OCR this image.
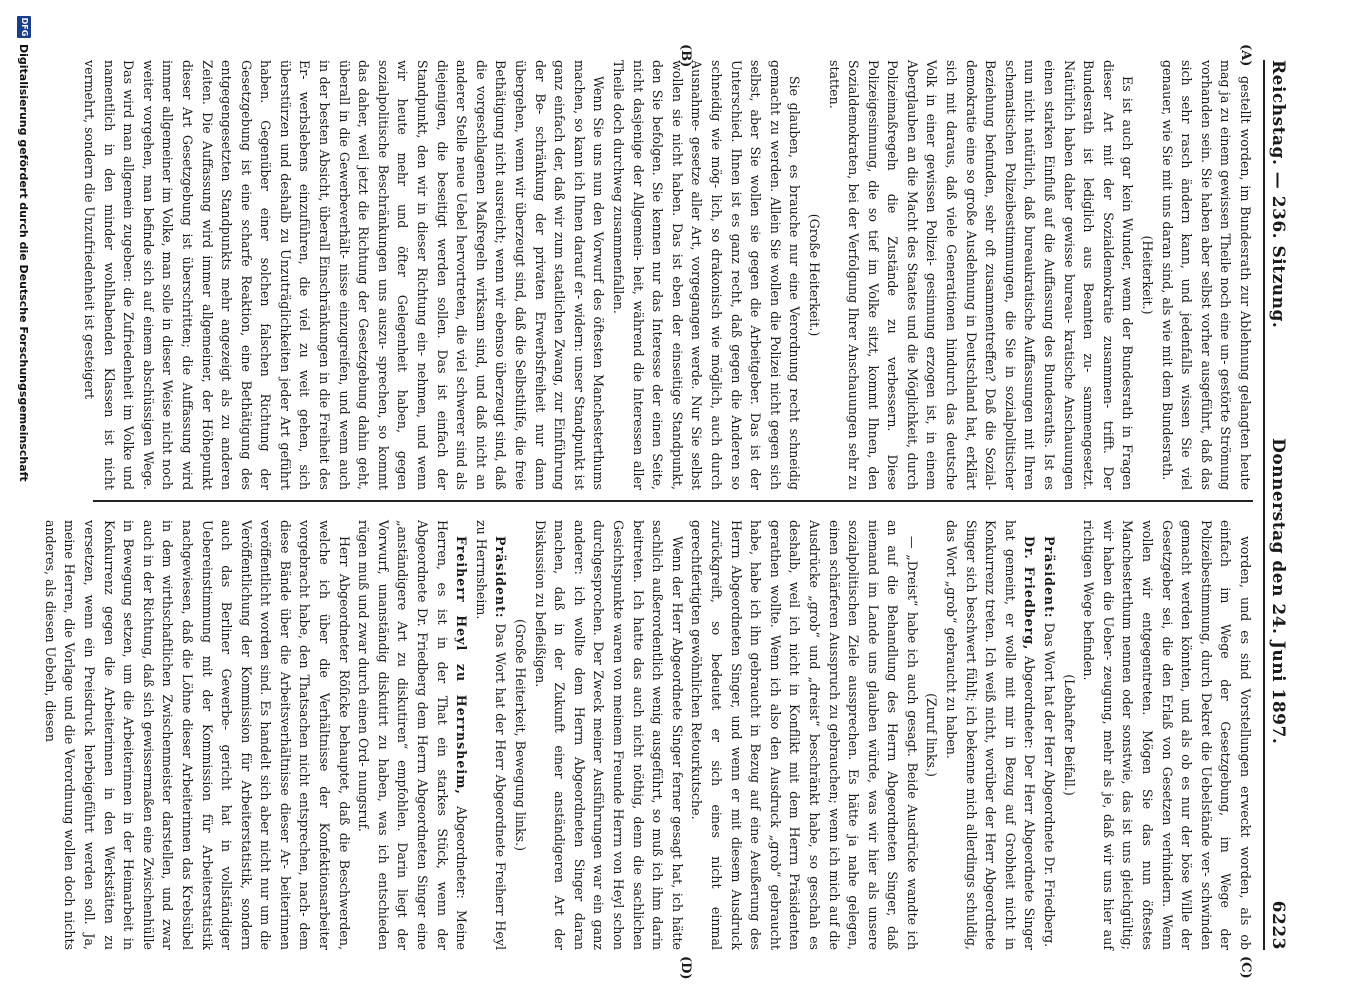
Reichstag. — 236. Sitzung.
Donnerstag den 24. Juni 1897. 6223
(A)
(B)
(C)
(D)

gestellt worden, im Bundesrath zur Ablehnung gelangten heute mag ja zu einem gewissen Theile noch eine un- gestörte Strömung vorhanden sein. Sie haben aber selbst vorher ausgeführt, daß das sich sehr rasch ändern kann, und jedenfalls wissen Sie viel genauer, wie Sie mit uns daran sind, als wie mit dem Bundesrath.

(Heiterkeit.)

Es ist auch gar kein Wunder, wenn der Bundesrath in Fragen dieser Art mit der Sozialdemokratie zusammen- trifft. Der Bundesrath ist lediglich aus Beamten zu- sammengesetzt. Natürlich haben daher gewisse bureau- kratische Anschauungen einen starken Einfluß auf die Auffassung des Bundesraths. Ist es nun nicht natürlich, daß bureaukratische Auffassungen mit Ihren schematischen Polizeibestimmungen, die Sie in sozialpolitischer Beziehung befunden, sehr oft zusammentreffen? Daß die Sozial- demokratie eine so große Ausdehnung in Deutschland hat, erklärt sich mit daraus, daß viele Generationen hindurch das deutsche Volk in einer gewissen Polizei- gesinnung erzogen ist, in einem Aberglauben an die Macht des Staates und die Möglichkeit, durch Polizeimaßregeln die Zustände zu verbessern. Diese Polizeigesinnung, die so tief im Volke sitzt, kommt Ihnen, den Sozialdemokraten, bei der Verfolgung Ihrer Anschauungen sehr zu statten.

(Große Heiterkeit.)

Sie glauben, es brauche nur eine Verordnung recht schneidig gemacht zu werden. Allein Sie wollen die Polizei nicht gegen sich selbst, aber Sie wollen sie gegen die Arbeitgeber. Das ist der Unterschied. Ihnen ist es ganz recht, daß gegen die Anderen so schneidig wie mög- lich, so drakonisch wie möglich, auch durch Ausnahme- gesetze aller Art, vorgegangen werde. Nur Sie selbst wollen sie nicht haben. Das ist eben der einseitige Standpunkt, den Sie befolgen. Sie kennen nur das Interesse der einen Seite, nicht dasjenige der Allgemein- heit, während die Interessen aller Theile doch durchweg zusammenfallen.

Wenn Sie uns nun den Vorwurf des öftesten Manchesterthums machen, so kann ich Ihnen darauf er- widern: unser Standpunkt ist ganz einfach der, daß wir zum staatlichen Zwang, zur Einführung der Be- schränkung der privaten Erwerbsfreiheit nur dann übergehen, wenn wir überzeugt sind, daß die Selbsthilfe, die freie Bethätigung nicht ausreicht; wenn wir ebenso überzeugt sind, daß die vorgeschlagenen Maßregeln wirksam sind, und daß nicht an anderer Stelle neue Uebel hervortreten, die viel schwerer sind als diejenigen, die beseitigt werden sollen. Das ist einfach der Standpunkt, den wir in dieser Richtung ein- nehmen, und wenn wir heute mehr und öfter Gelegenheit haben, gegen sozialpolitische Beschränkungen uns auszu- sprechen, so kommt das daher, weil jetzt die Richtung der Gesetzgebung dahin geht, überall in die Gewerbeverhält- nisse einzugreifen, und wenn auch in der besten Absicht, überall Einschränkungen in die Freiheit des Er- werbslebens einzuführen, die viel zu weit gehen, sich überstürzen und deshalb zu Unzuträglichkeiten jeder Art geführt haben. Gegenüber einer solchen falschen Richtung der Gesetzgebung ist eine scharfe Reaktion, eine Bethätigung des entgegengesetzten Standpunkts mehr angezeigt als zu anderen Zeiten. Die Auffassung wird immer allgemeiner, der Höhepunkt dieser Art Gesetzgebung ist überschritten; die Auffassung wird immer allgemeiner im Volke, man solle in dieser Weise nicht noch weiter vorgehen, man befinde sich auf einem abschüssigen Wege. Das wird man allgemein zugeben: die Zufriedenheit im Volke und namentlich in den minder wohlhabenden Klassen ist nicht vermehrt, sondern die Unzufriedenheit ist gesteigert

worden, und es sind Vorstellungen erweckt worden, als ob einfach im Wege der Gesetzgebung, im Wege der Polizeibestimmung, durch Dekret die Uebelstände ver- schwinden gemacht werden könnten, und als ob es nur der böse Wille der Gesetzgeber sei, die den Erlaß von Gesetzen verhindern. Wenn wollen wir entgegentreten. Mögen Sie das nun öftestes Manchesterthum nennen oder sonstwie, das ist uns gleichgültig; wir haben die Ueber- zeugung, mehr als je, daß wir uns hier auf richtigen Wege befinden.

(Lebhafter Beifall.)

Präsident: Das Wort hat der Herr Abgeordnete Dr. Friedberg.

Dr. Friedberg, Abgeordneter: Der Herr Abgeordnete Singer hat gemeint, er wolle mit mir in Bezug auf Grobheit nicht in Konkurrenz treten. Ich weiß nicht, worüber der Herr Abgeordnete Singer sich beschwert fühlt; ich bekenne mich allerdings schuldig, das Wort „grob“ gebraucht zu haben.

(Zuruf links.)

— „Dreist“ habe ich auch gesagt. Beide Ausdrücke wandte ich an auf die Behandlung des Herrn Abgeordneten Singer, daß niemand im Lande uns glauben würde, was wir hier als unsere sozialpolitischen Ziele aussprechen. Es hätte ja nahe gelegen, einen schärferen Ausspruch zu gebrauchen; wenn ich mich auf die Ausdrücke „grob“ und „dreist“ beschränkt habe, so geschah es deshalb, weil ich nicht in Konflikt mit dem Herrn Präsidenten gerathen wollte. Wenn ich also den Ausdruck „grob“ gebraucht habe, habe ich ihn gebraucht in Bezug auf eine Aeußerung des Herrn Abgeordneten Singer, und wenn er mit diesem Ausdruck zurückgreift, so bedeutet er sich eines nicht einmal gerechtfertigten gewöhnlichen Retourkutsche.

Wenn der Herr Abgeordnete Singer ferner gesagt hat, ich hätte sachlich außerordentlich wenig ausgeführt, so muß ich ihm darin beitreten. Ich hatte das auch nicht nöthig, denn die sachlichen Gesichtspunkte waren von meinem Freunde Herrn von Heyl schon durchgesprochen. Der Zweck meiner Ausführungen war ein ganz anderer: ich wollte dem Herrn Abgeordneten Singer daran machen, daß in der Zukunft einer anständigeren Art der Diskussion zu befleißigen.

(Große Heiterkeit, Bewegung links.)

Präsident: Das Wort hat der Herr Abgeordnete Freiherr Heyl zu Herrnsheim.

Freiherr Heyl zu Herrnsheim, Abgeordneter: Meine Herren, es ist in der That ein starkes Stück, wenn der Abgeordnete Dr. Friedberg dem Herrn Abgeordneten Singer eine „anständigere Art zu diskutiren“ empfohlen. Darin liegt der Vorwurf, unanständig diskutirt zu haben, was ich entschieden rügen muß und zwar durch einen Ord- nungsruf.

Herr Abgeordneter Röſicke behauptet, daß die Beschwerden, welche ich über die Verhältnisse der Konfektionsarbeiter vorgebracht habe, den Thatsachen nicht entsprechen, nach- dem diese Bände über die Arbeitsverhältnisse dieser Ar- beiterinnen veröffentlicht worden sind. Es handelt sich aber nicht nur um die Veröffentlichung der Kommission für Arbeiterstatistik, sondern auch das Berliner Gewerbe- gericht hat in vollständiger Uebereinstimmung mit der Kommission für Arbeiterstatistik nachgewiesen, daß die Löhne dieser Arbeiterinnen das Krebsübel in dem wirthschaftlichen Zwischenmeister darstellen, und zwar auch in der Richtung, daß sich gewissermaßen eine Zwischenhülle in Bewegung setzen, um die Arbeiterinnen in der Heimarbeit in Konkurrenz gegen die Arbeiterinnen in den Werkstätten zu versetzen, wenn ein Preisdruck herbeigeführt werden soll. Ja, meine Herren, die Vorlage und die Verordnung wollen doch nichts anderes, als diesen Uebeln, diesen

DFG
Digitalisierung gefördert durch die Deutsche Forschungsgemeinschaft
